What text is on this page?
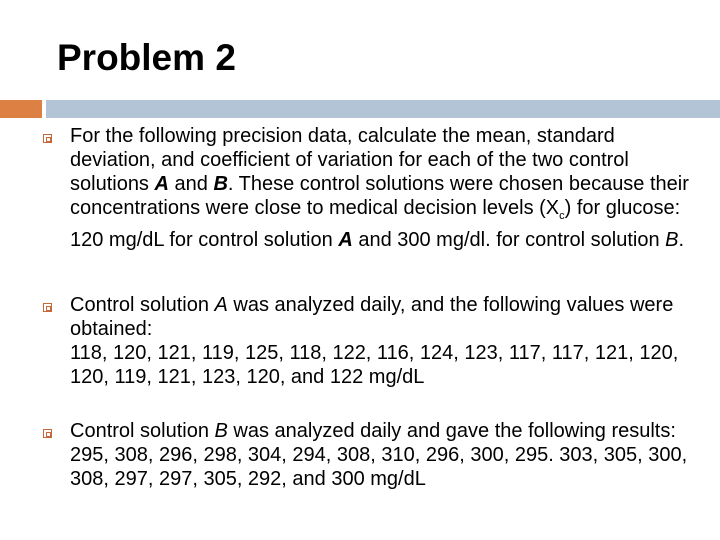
Problem 2

For the following precision data, calculate the mean, standard deviation, and coefficient of variation for each of the two control solutions A and B. These control solutions were chosen because their concentrations were close to medical decision levels $(X_c)$ for glucose: 120 mg/dL for control solution A and 300 mg/dl. for control solution B.

Control solution A was analyzed daily, and the following values were obtained:

118, 120, 121, 119, 125, 118, 122, 116, 124, 123, 117, 117, 121, 120, 120, 119, 121, 123, 120, and 122 mg/dL

Control solution B was analyzed daily and gave the following results:

295, 308, 296, 298, 304, 294, 308, 310, 296, 300, 295. 303, 305, 300, 308, 297, 297, 305, 292, and 300 mg/dL
